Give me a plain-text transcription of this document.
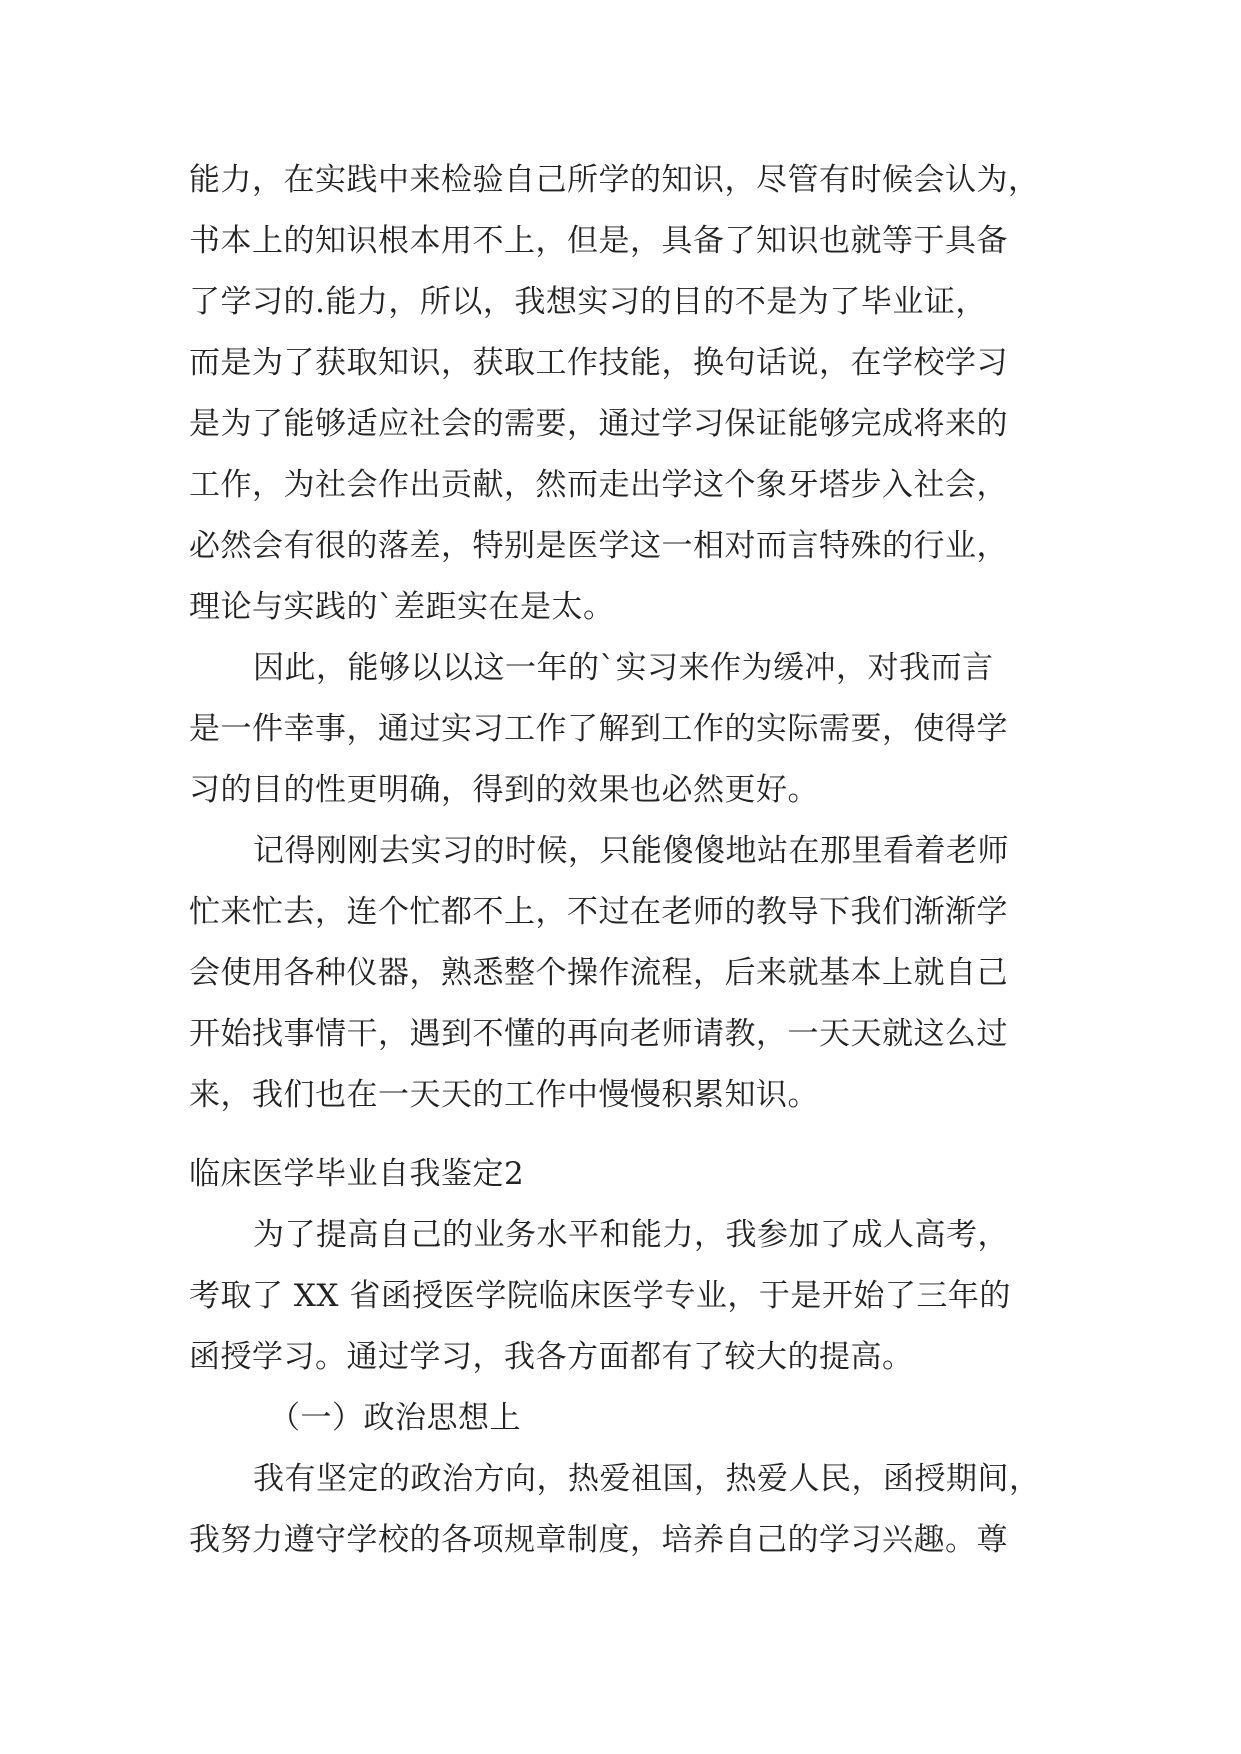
能力，在实践中来检验自己所学的知识，尽管有时候会认为，
书本上的知识根本用不上，但是，具备了知识也就等于具备
了学习的.能力，所以，我想实习的目的不是为了毕业证，
而是为了获取知识，获取工作技能，换句话说，在学校学习
是为了能够适应社会的需要，通过学习保证能够完成将来的
工作，为社会作出贡献，然而走出学这个象牙塔步入社会，
必然会有很的落差，特别是医学这一相对而言特殊的行业，
理论与实践的`差距实在是太。
因此，能够以以这一年的`实习来作为缓冲，对我而言
是一件幸事，通过实习工作了解到工作的实际需要，使得学
习的目的性更明确，得到的效果也必然更好。
记得刚刚去实习的时候，只能傻傻地站在那里看着老师
忙来忙去，连个忙都不上，不过在老师的教导下我们渐渐学
会使用各种仪器，熟悉整个操作流程，后来就基本上就自己
开始找事情干，遇到不懂的再向老师请教，一天天就这么过
来，我们也在一天天的工作中慢慢积累知识。
临床医学毕业自我鉴定2
为了提高自己的业务水平和能力，我参加了成人高考，
考取了 XX 省函授医学院临床医学专业，于是开始了三年的
函授学习。通过学习，我各方面都有了较大的提高。
（一）政治思想上
我有坚定的政治方向，热爱祖国，热爱人民，函授期间，
我努力遵守学校的各项规章制度，培养自己的学习兴趣。尊
